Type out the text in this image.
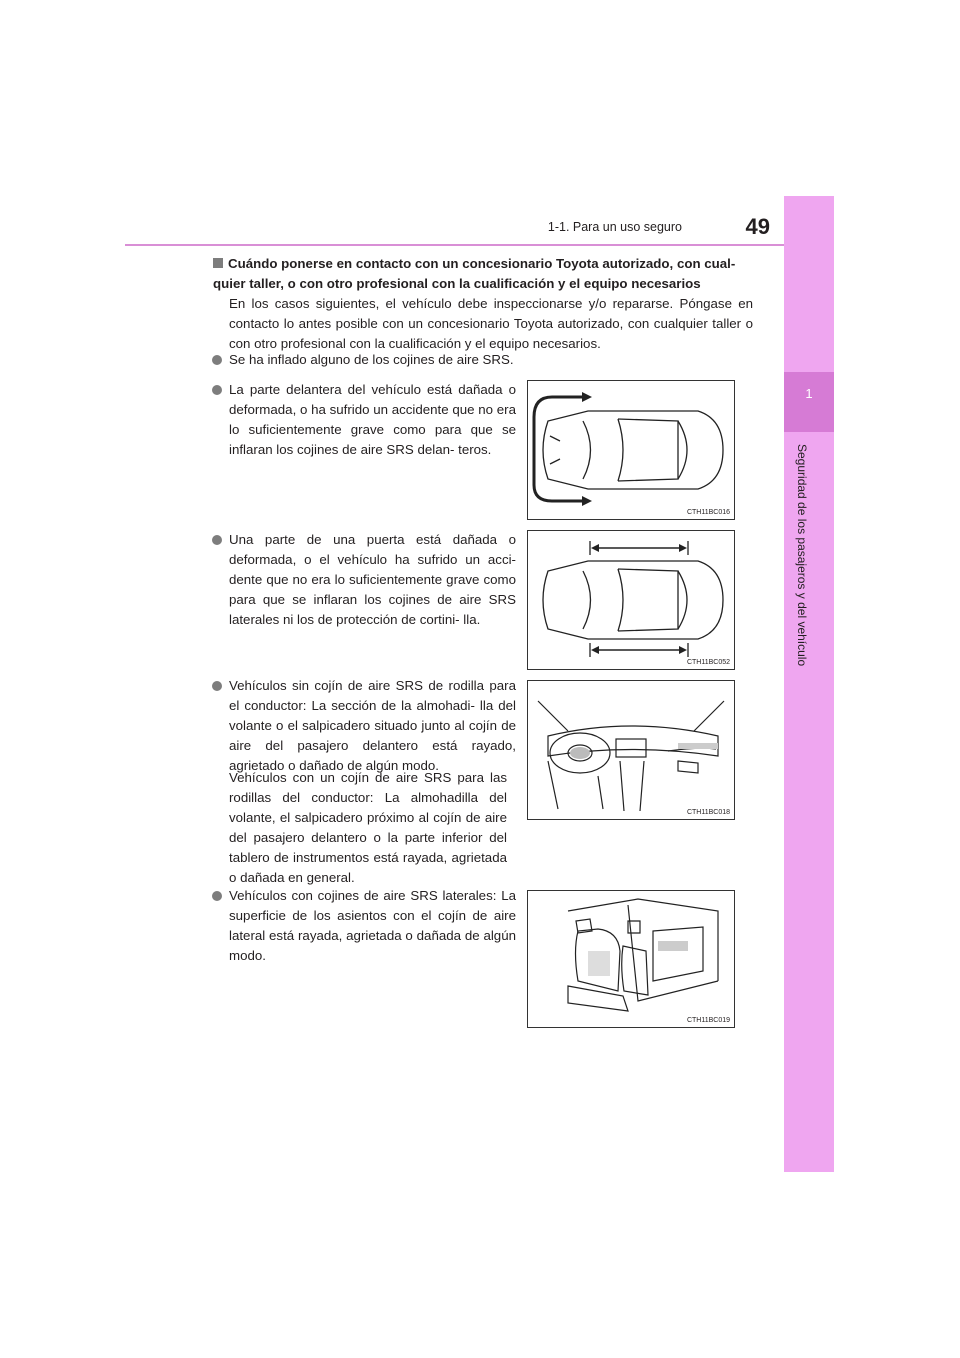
1-1. Para un uso seguro	49
1
Seguridad de los pasajeros y del vehículo
Cuándo ponerse en contacto con un concesionario Toyota autorizado, con cual- quier taller, o con otro profesional con la cualificación y el equipo necesarios
En los casos siguientes, el vehículo debe inspeccionarse y/o repararse. Póngase en contacto lo antes posible con un concesionario Toyota autorizado, con cualquier taller o con otro profesional con la cualificación y el equipo necesarios.
Se ha inflado alguno de los cojines de aire SRS.
La parte delantera del vehículo está dañada o deformada, o ha sufrido un accidente que no era lo suficientemente grave como para que se inflaran los cojines de aire SRS delan- teros.
CTH11BC016
Una parte de una puerta está dañada o deformada, o el vehículo ha sufrido un acci- dente que no era lo suficientemente grave como para que se inflaran los cojines de aire SRS laterales ni los de protección de cortini- lla.
CTH11BC052
Vehículos sin cojín de aire SRS de rodilla para el conductor: La sección de la almohadi- lla del volante o el salpicadero situado junto al cojín de aire del pasajero delantero está rayado, agrietado o dañado de algún modo.
Vehículos con un cojín de aire SRS para las rodillas del conductor: La almohadilla del volante, el salpicadero próximo al cojín de aire del pasajero delantero o la parte inferior del tablero de instrumentos está rayada, agrietada o dañada en general.
CTH11BC018
Vehículos con cojines de aire SRS laterales: La superficie de los asientos con el cojín de aire lateral está rayada, agrietada o dañada de algún modo.
CTH11BC019
